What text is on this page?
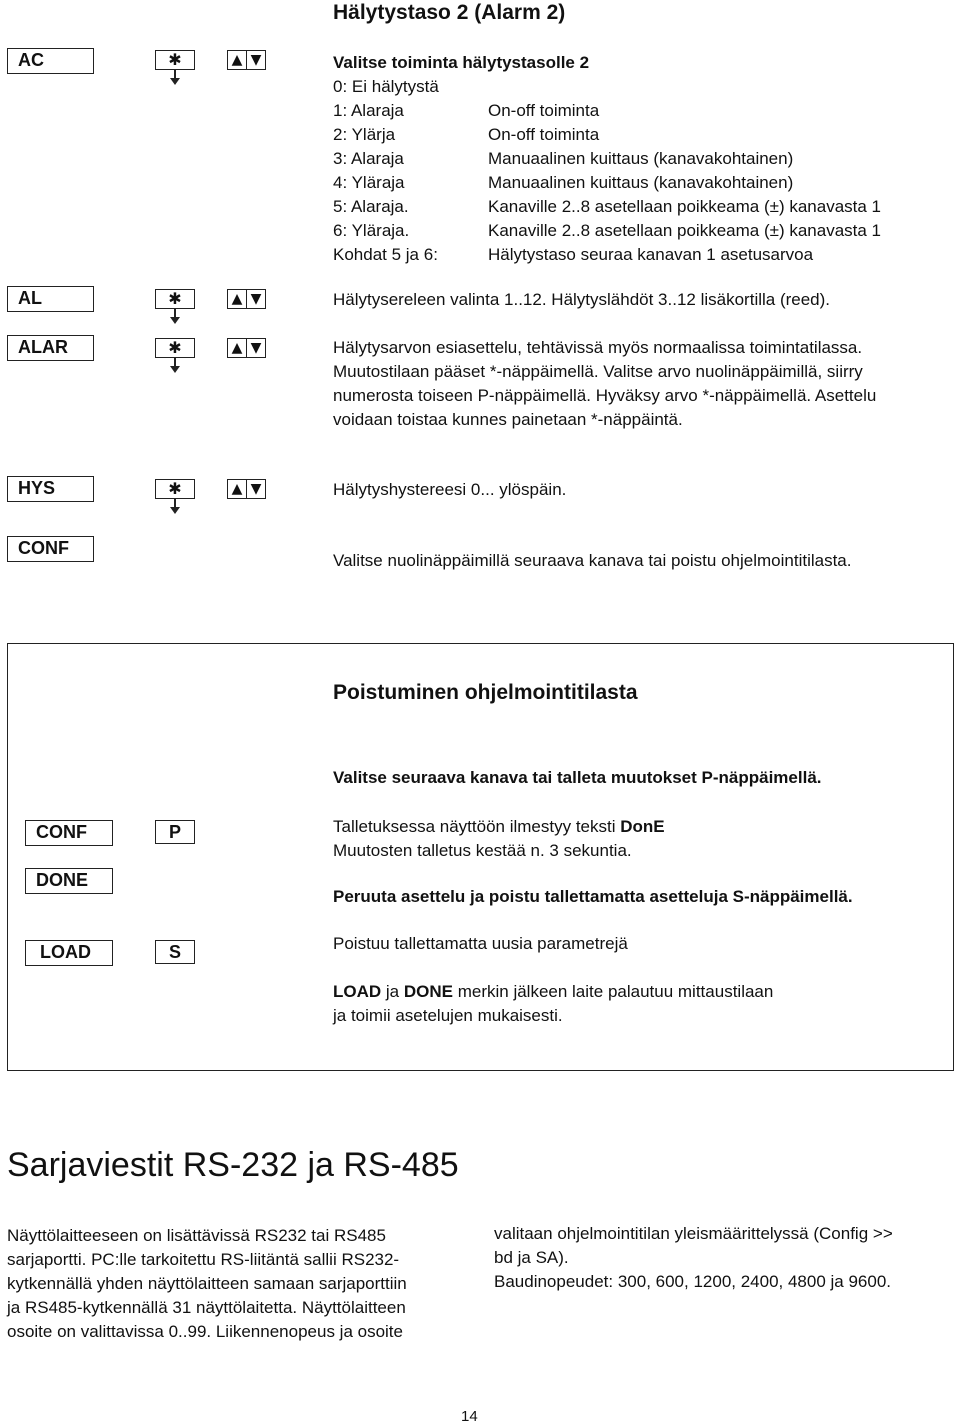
Hälytystaso 2 (Alarm 2)
AC	✱	▲ ▼	Valitse toiminta hälytystasolle 2
0: Ei hälytystä
1: Alaraja	On-off toiminta
2: Ylärja	On-off toiminta
3: Alaraja	Manuaalinen kuittaus (kanavakohtainen)
4: Yläraja	Manuaalinen kuittaus (kanavakohtainen)
5: Alaraja.	Kanaville 2..8 asetellaan poikkeama (±) kanavasta 1
6: Yläraja.	Kanaville 2..8 asetellaan poikkeama (±) kanavasta 1
Kohdat 5 ja 6:	Hälytystaso seuraa kanavan 1 asetusarvoa
AL	✱	▲ ▼	Hälytysereleen valinta 1..12. Hälytyslähdöt 3..12 lisäkortilla (reed).
ALAR	✱	▲ ▼	Hälytysarvon esiasettelu, tehtävissä myös normaalissa toimintatilassa.
Muutostilaan pääset *-näppäimellä. Valitse arvo nuolinäppäimillä, siirry
numerosta toiseen P-näppäimellä. Hyväksy arvo *-näppäimellä. Asettelu
voidaan toistaa kunnes painetaan *-näppäintä.
HYS	✱	▲ ▼	Hälytyshystereesi 0... ylöspäin.
CONF
Valitse nuolinäppäimillä seuraava kanava tai poistu ohjelmointitilasta.
Poistuminen ohjelmointitilasta
Valitse seuraava kanava tai talleta muutokset P-näppäimellä.
CONF	P	Talletuksessa näyttöön ilmestyy teksti DonE
Muutosten talletus kestää n. 3 sekuntia.
DONE
Peruuta asettelu ja poistu tallettamatta asetteluja S-näppäimellä.
LOAD	S	Poistuu tallettamatta uusia parametrejä
LOAD ja DONE merkin jälkeen laite palautuu mittaustilaan
ja toimii asetelujen mukaisesti.
Sarjaviestit RS-232 ja RS-485
Näyttölaitteeseen on lisättävissä RS232 tai RS485
sarjaportti. PC:lle tarkoitettu RS-liitäntä sallii RS232-
kytkennällä yhden näyttölaitteen samaan sarjaporttiin
ja RS485-kytkennällä 31 näyttölaitetta. Näyttölaitteen
osoite on valittavissa 0..99. Liikennenopeus ja osoite
valitaan ohjelmointitilan yleismäärittelyssä (Config >>
bd ja SA).
Baudinopeudet: 300, 600, 1200, 2400, 4800 ja 9600.
14
